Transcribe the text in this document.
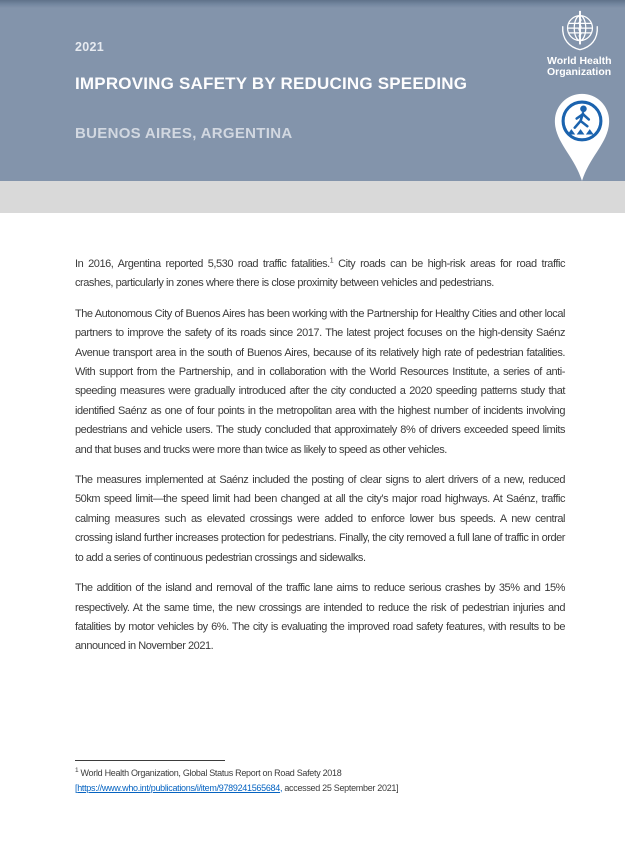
2021
IMPROVING SAFETY BY REDUCING SPEEDING
BUENOS AIRES, ARGENTINA
World Health
Organization

In 2016, Argentina reported 5,530 road traffic fatalities.$^1$ City roads can be high-risk areas for road traffic crashes, particularly in zones where there is close proximity between vehicles and pedestrians.

The Autonomous City of Buenos Aires has been working with the Partnership for Healthy Cities and other local partners to improve the safety of its roads since 2017. The latest project focuses on the high-density Saénz Avenue transport area in the south of Buenos Aires, because of its relatively high rate of pedestrian fatalities. With support from the Partnership, and in collaboration with the World Resources Institute, a series of anti-speeding measures were gradually introduced after the city conducted a 2020 speeding patterns study that identified Saénz as one of four points in the metropolitan area with the highest number of incidents involving pedestrians and vehicle users. The study concluded that approximately 8% of drivers exceeded speed limits and that buses and trucks were more than twice as likely to speed as other vehicles.

The measures implemented at Saénz included the posting of clear signs to alert drivers of a new, reduced 50km speed limit—the speed limit had been changed at all the city’s major road highways. At Saénz, traffic calming measures such as elevated crossings were added to enforce lower bus speeds. A new central crossing island further increases protection for pedestrians. Finally, the city removed a full lane of traffic in order to add a series of continuous pedestrian crossings and sidewalks.

The addition of the island and removal of the traffic lane aims to reduce serious crashes by 35% and 15% respectively. At the same time, the new crossings are intended to reduce the risk of pedestrian injuries and fatalities by motor vehicles by 6%. The city is evaluating the improved road safety features, with results to be announced in November 2021.

$^1$ World Health Organization, Global Status Report on Road Safety 2018

[https://www.who.int/publications/i/item/9789241565684, accessed 25 September 2021]
